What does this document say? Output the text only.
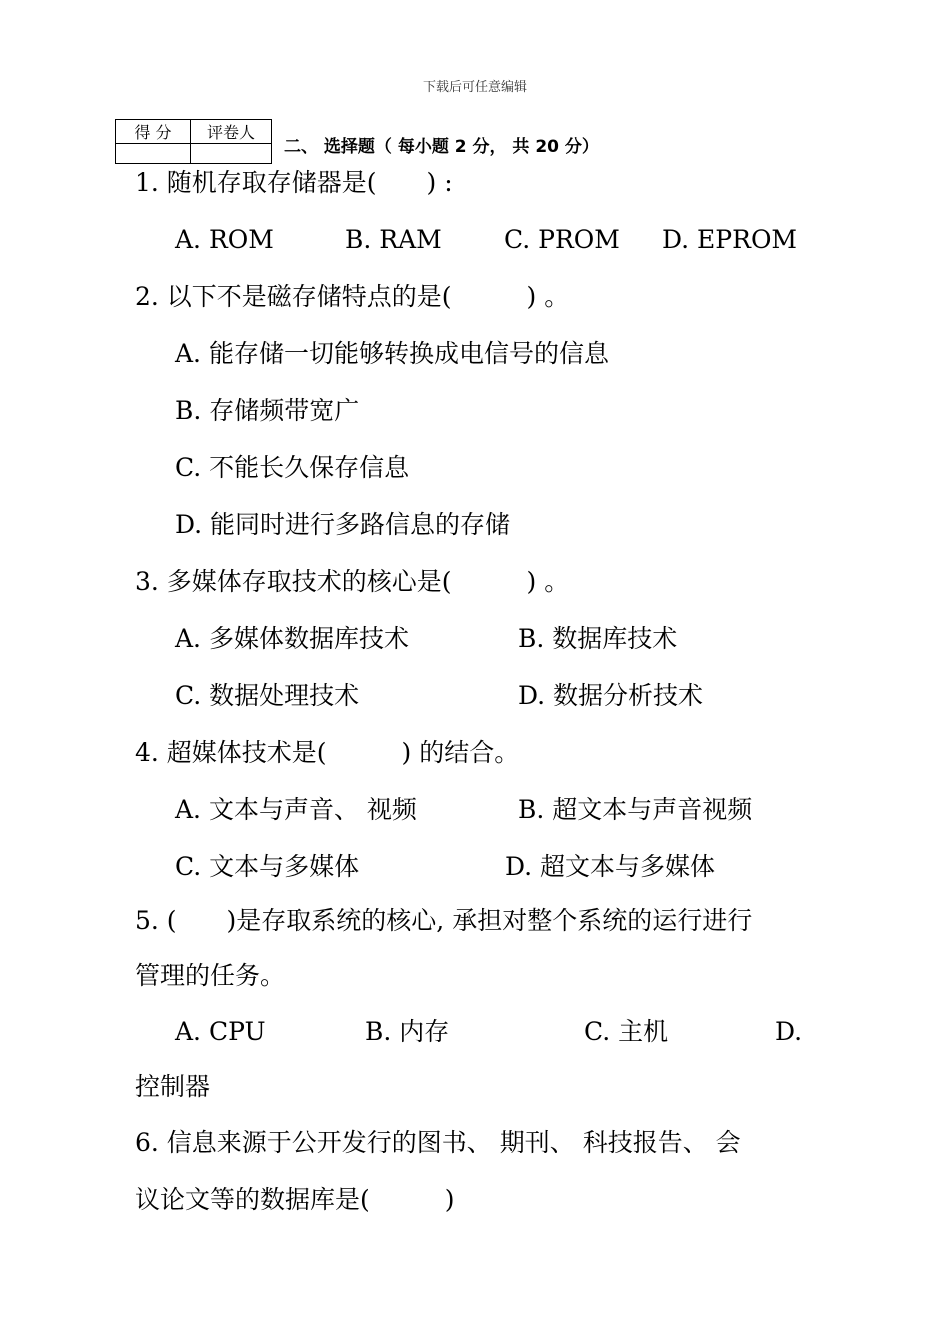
下载后可任意编辑
得 分	评卷人

二、 选择题（ 每小题 2 分， 共 20 分）
1. 随机存取存储器是(　　) :
A. ROM	B. RAM C. PROM D. EPROM
2. 以下不是磁存储特点的是(　　　) 。
A. 能存储一切能够转换成电信号的信息
B. 存储频带宽广
C. 不能长久保存信息
D. 能同时进行多路信息的存储
3. 多媒体存取技术的核心是(　　　) 。
A. 多媒体数据库技术	B. 数据库技术
C. 数据处理技术	D. 数据分析技术
4. 超媒体技术是(　　　) 的结合。
A. 文本与声音、 视频	B. 超文本与声音视频
C. 文本与多媒体	D. 超文本与多媒体
5. (　　)是存取系统的核心, 承担对整个系统的运行进行
管理的任务。
A. CPU	B. 内存	C. 主机	D.
控制器
6. 信息来源于公开发行的图书、 期刊、 科技报告、 会
议论文等的数据库是(　　　)
